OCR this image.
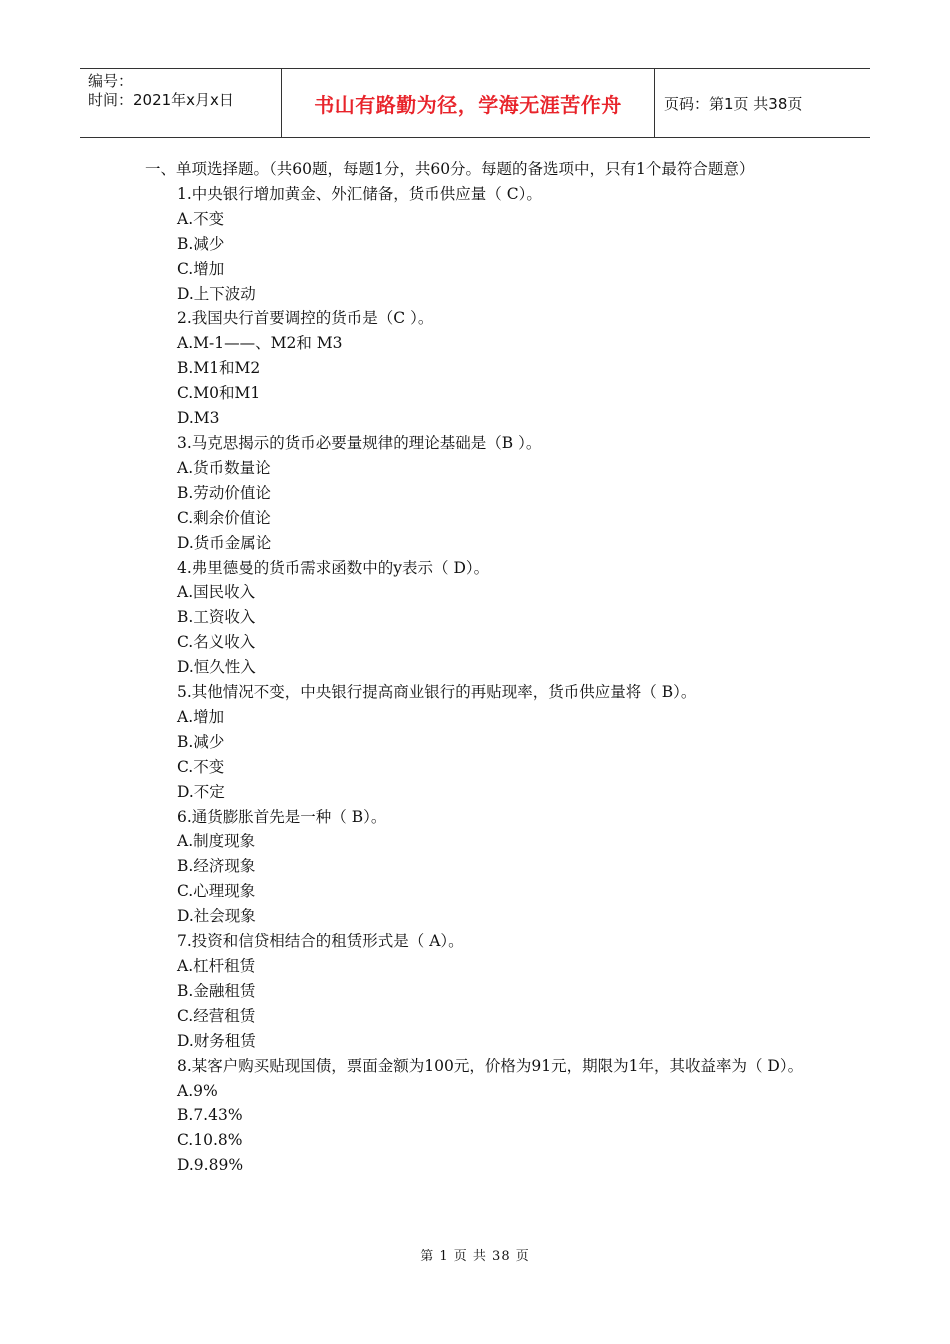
编号：
时间：2021年x月x日	书山有路勤为径，学海无涯苦作舟	页码：第1页 共38页

一、单项选择题。（共60题，每题1分，共60分。每题的备选项中，只有1个最符合题意）

1.中央银行增加黄金、外汇储备，货币供应量（ C）。

A.不变

B.减少

C.增加

D.上下波动

2.我国央行首要调控的货币是（C ）。

A.M-1——、M2和 M3

B.M1和M2

C.M0和M1

D.M3

3.马克思揭示的货币必要量规律的理论基础是（B ）。

A.货币数量论

B.劳动价值论

C.剩余价值论

D.货币金属论

4.弗里德曼的货币需求函数中的y表示（ D）。

A.国民收入

B.工资收入

C.名义收入

D.恒久性入

5.其他情况不变，中央银行提高商业银行的再贴现率，货币供应量将（ B）。

A.增加

B.减少

C.不变

D.不定

6.通货膨胀首先是一种（ B）。

A.制度现象

B.经济现象

C.心理现象

D.社会现象

7.投资和信贷相结合的租赁形式是（ A）。

A.杠杆租赁

B.金融租赁

C.经营租赁

D.财务租赁

8.某客户购买贴现国债，票面金额为100元，价格为91元，期限为1年，其收益率为（ D）。

A.9%

B.7.43%

C.10.8%

D.9.89%

第 1 页 共 38 页
